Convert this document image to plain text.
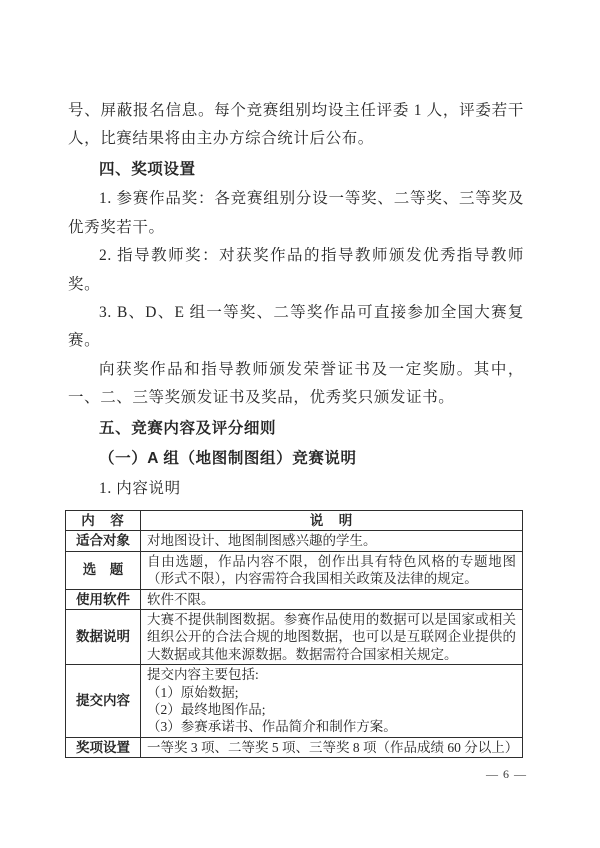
号、屏蔽报名信息。每个竞赛组别均设主任评委 1 人，评委若干人，比赛结果将由主办方综合统计后公布。

四、奖项设置

1. 参赛作品奖：各竞赛组别分设一等奖、二等奖、三等奖及优秀奖若干。

2. 指导教师奖：对获奖作品的指导教师颁发优秀指导教师奖。

3. B、D、E 组一等奖、二等奖作品可直接参加全国大赛复赛。

向获奖作品和指导教师颁发荣誉证书及一定奖励。其中，一、二、三等奖颁发证书及奖品，优秀奖只颁发证书。

五、竞赛内容及评分细则
（一）A 组（地图制图组）竞赛说明

1. 内容说明

内　容	说　明
适合对象	对地图设计、地图制图感兴趣的学生。
选　题	自由选题，作品内容不限，创作出具有特色风格的专题地图（形式不限），内容需符合我国相关政策及法律的规定。
使用软件	软件不限。
数据说明	大赛不提供制图数据。参赛作品使用的数据可以是国家或相关组织公开的合法合规的地图数据，也可以是互联网企业提供的大数据或其他来源数据。数据需符合国家相关规定。
提交内容	提交内容主要包括:
（1）原始数据;
（2）最终地图作品;
（3）参赛承诺书、作品简介和制作方案。

奖项设置	一等奖 3 项、二等奖 5 项、三等奖 8 项（作品成绩 60 分以上）
— 6 —
